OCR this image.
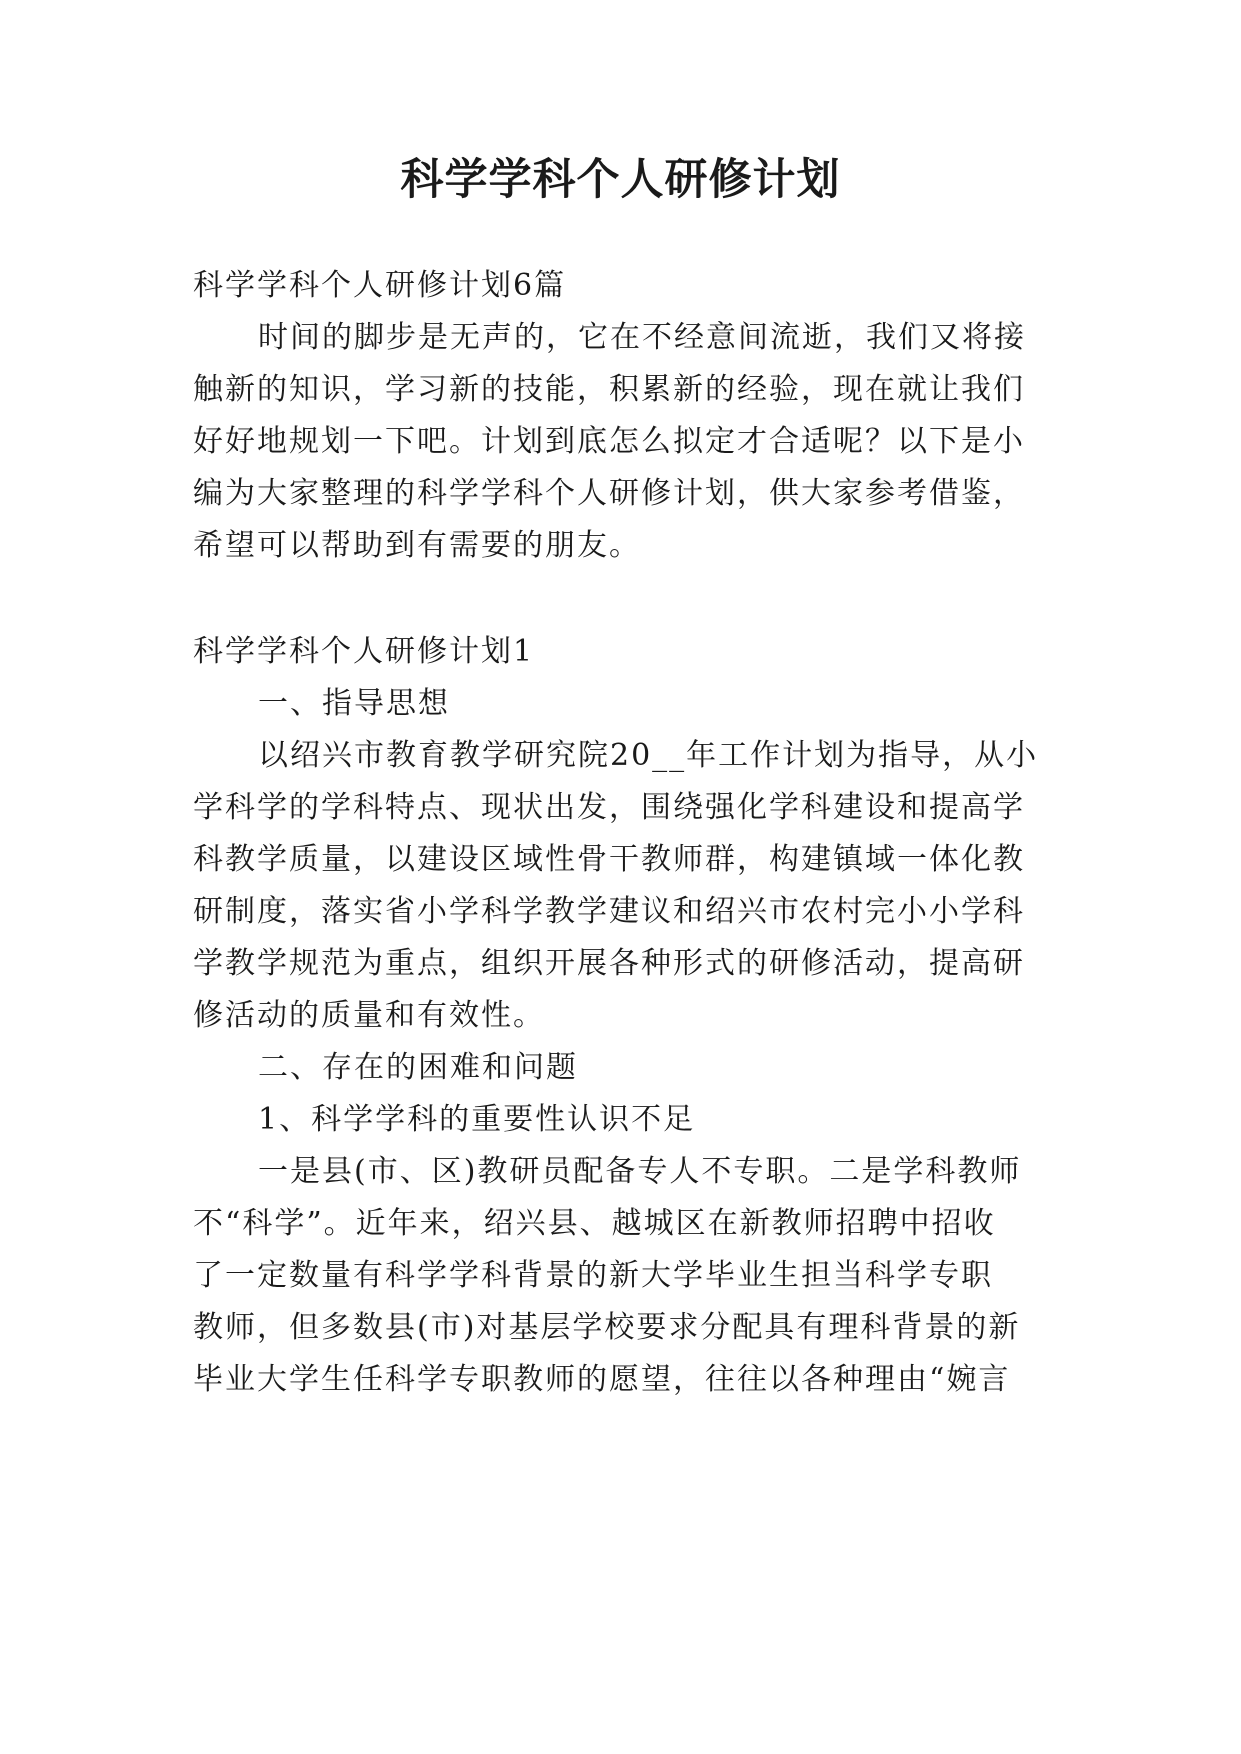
科学学科个人研修计划
科学学科个人研修计划6篇
时间的脚步是无声的，它在不经意间流逝，我们又将接
触新的知识，学习新的技能，积累新的经验，现在就让我们
好好地规划一下吧。计划到底怎么拟定才合适呢？以下是小
编为大家整理的科学学科个人研修计划，供大家参考借鉴，
希望可以帮助到有需要的朋友。
科学学科个人研修计划1
一、指导思想
以绍兴市教育教学研究院20__年工作计划为指导，从小
学科学的学科特点、现状出发，围绕强化学科建设和提高学
科教学质量，以建设区域性骨干教师群，构建镇域一体化教
研制度，落实省小学科学教学建议和绍兴市农村完小小学科
学教学规范为重点，组织开展各种形式的研修活动，提高研
修活动的质量和有效性。
二、存在的困难和问题
1、科学学科的重要性认识不足
一是县(市、区)教研员配备专人不专职。二是学科教师
不“科学”。近年来，绍兴县、越城区在新教师招聘中招收
了一定数量有科学学科背景的新大学毕业生担当科学专职
教师，但多数县(市)对基层学校要求分配具有理科背景的新
毕业大学生任科学专职教师的愿望，往往以各种理由“婉言
